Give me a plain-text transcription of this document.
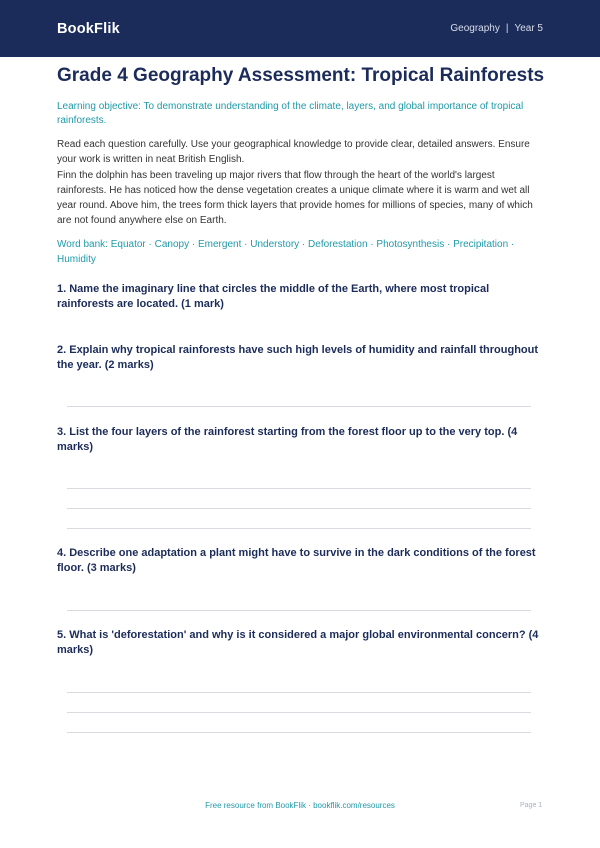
BookFlik	Geography | Year 5
Grade 4 Geography Assessment: Tropical Rainforests

Learning objective: To demonstrate understanding of the climate, layers, and global importance of tropical rainforests.

Read each question carefully. Use your geographical knowledge to provide clear, detailed answers. Ensure your work is written in neat British English.

Finn the dolphin has been traveling up major rivers that flow through the heart of the world's largest rainforests. He has noticed how the dense vegetation creates a unique climate where it is warm and wet all year round. Above him, the trees form thick layers that provide homes for millions of species, many of which are not found anywhere else on Earth.

Word bank: Equator · Canopy · Emergent · Understory · Deforestation · Photosynthesis · Precipitation · Humidity

1. Name the imaginary line that circles the middle of the Earth, where most tropical rainforests are located. (1 mark)

2. Explain why tropical rainforests have such high levels of humidity and rainfall throughout the year. (2 marks)

3. List the four layers of the rainforest starting from the forest floor up to the very top. (4 marks)

4. Describe one adaptation a plant might have to survive in the dark conditions of the forest floor. (3 marks)

5. What is 'deforestation' and why is it considered a major global environmental concern? (4 marks)

Free resource from BookFlik · bookflik.com/resources	Page 1
